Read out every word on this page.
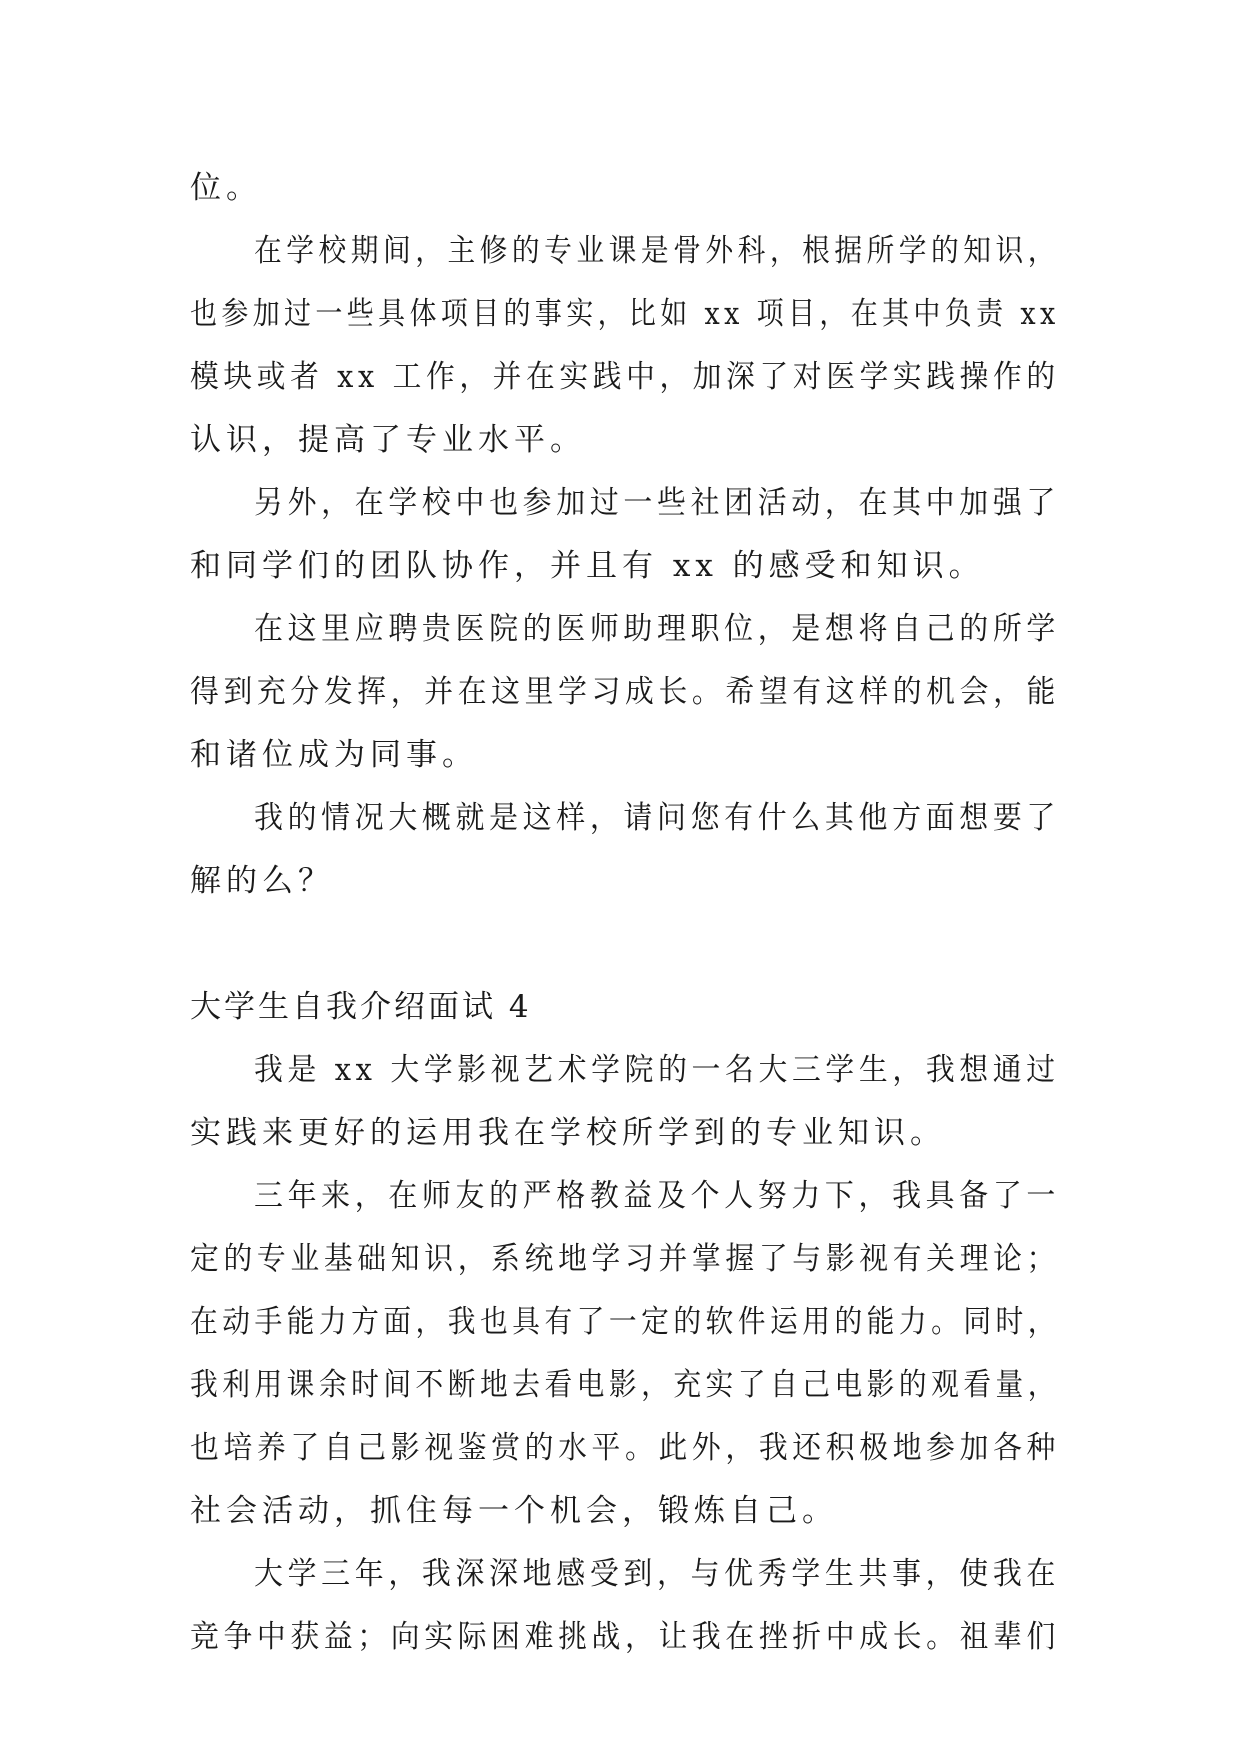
位。
在学校期间，主修的专业课是骨外科，根据所学的知识，
也参加过一些具体项目的事实，比如 xx 项目，在其中负责 xx
模块或者 xx 工作，并在实践中，加深了对医学实践操作的
认识，提高了专业水平。
另外，在学校中也参加过一些社团活动，在其中加强了
和同学们的团队协作，并且有 xx 的感受和知识。
在这里应聘贵医院的医师助理职位，是想将自己的所学
得到充分发挥，并在这里学习成长。希望有这样的机会，能
和诸位成为同事。
我的情况大概就是这样，请问您有什么其他方面想要了
解的么？
大学生自我介绍面试 4
我是 xx 大学影视艺术学院的一名大三学生，我想通过
实践来更好的运用我在学校所学到的专业知识。
三年来，在师友的严格教益及个人努力下，我具备了一
定的专业基础知识，系统地学习并掌握了与影视有关理论；
在动手能力方面，我也具有了一定的软件运用的能力。同时，
我利用课余时间不断地去看电影，充实了自己电影的观看量，
也培养了自己影视鉴赏的水平。此外，我还积极地参加各种
社会活动，抓住每一个机会，锻炼自己。
大学三年，我深深地感受到，与优秀学生共事，使我在
竞争中获益；向实际困难挑战，让我在挫折中成长。祖辈们
